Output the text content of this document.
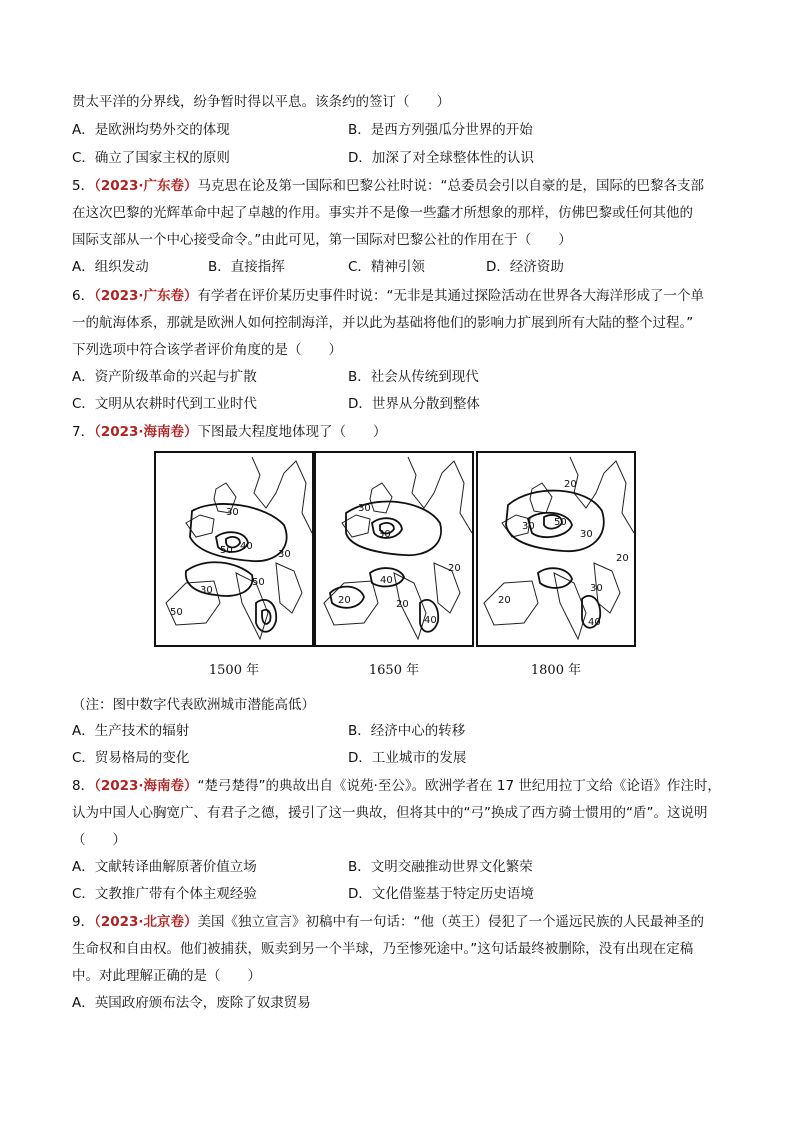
贯太平洋的分界线，纷争暂时得以平息。该条约的签订（　　）
A．是欧洲均势外交的体现	B．是西方列强瓜分世界的开始
C．确立了国家主权的原则	D．加深了对全球整体性的认识
5．（2023·广东卷）马克思在论及第一国际和巴黎公社时说：“总委员会引以自豪的是，国际的巴黎各支部
在这次巴黎的光辉革命中起了卓越的作用。事实并不是像一些蠢才所想象的那样，仿佛巴黎或任何其他的
国际支部从一个中心接受命令。”由此可见，第一国际对巴黎公社的作用在于（　　）
A．组织发动	B．直接指挥	C．精神引领	D．经济资助
6．（2023·广东卷）有学者在评价某历史事件时说：“无非是其通过探险活动在世界各大海洋形成了一个单
一的航海体系，那就是欧洲人如何控制海洋，并以此为基础将他们的影响力扩展到所有大陆的整个过程。”
下列选项中符合该学者评价角度的是（　　）
A．资产阶级革命的兴起与扩散	B．社会从传统到现代
C．文明从农耕时代到工业时代	D．世界从分散到整体
7．（2023·海南卷）下图最大程度地体现了（　　）
30
50 40
30
30
50
50
1500 年
30
30
20
20
40
20
40
1650 年
20
30 50
30
20
20
30
40
1800 年
（注：图中数字代表欧洲城市潜能高低）
A．生产技术的辐射	B．经济中心的转移
C．贸易格局的变化	D．工业城市的发展
8．（2023·海南卷）“楚弓楚得”的典故出自《说苑·至公》。欧洲学者在 17 世纪用拉丁文给《论语》作注时，
认为中国人心胸宽广、有君子之德，援引了这一典故，但将其中的“弓”换成了西方骑士惯用的“盾”。这说明
（　　）
A．文献转译曲解原著价值立场	B．文明交融推动世界文化繁荣
C．文教推广带有个体主观经验	D．文化借鉴基于特定历史语境
9．（2023·北京卷）美国《独立宣言》初稿中有一句话：“他（英王）侵犯了一个遥远民族的人民最神圣的
生命权和自由权。他们被捕获，贩卖到另一个半球，乃至惨死途中。”这句话最终被删除，没有出现在定稿
中。对此理解正确的是（　　）
A．英国政府颁布法令，废除了奴隶贸易
